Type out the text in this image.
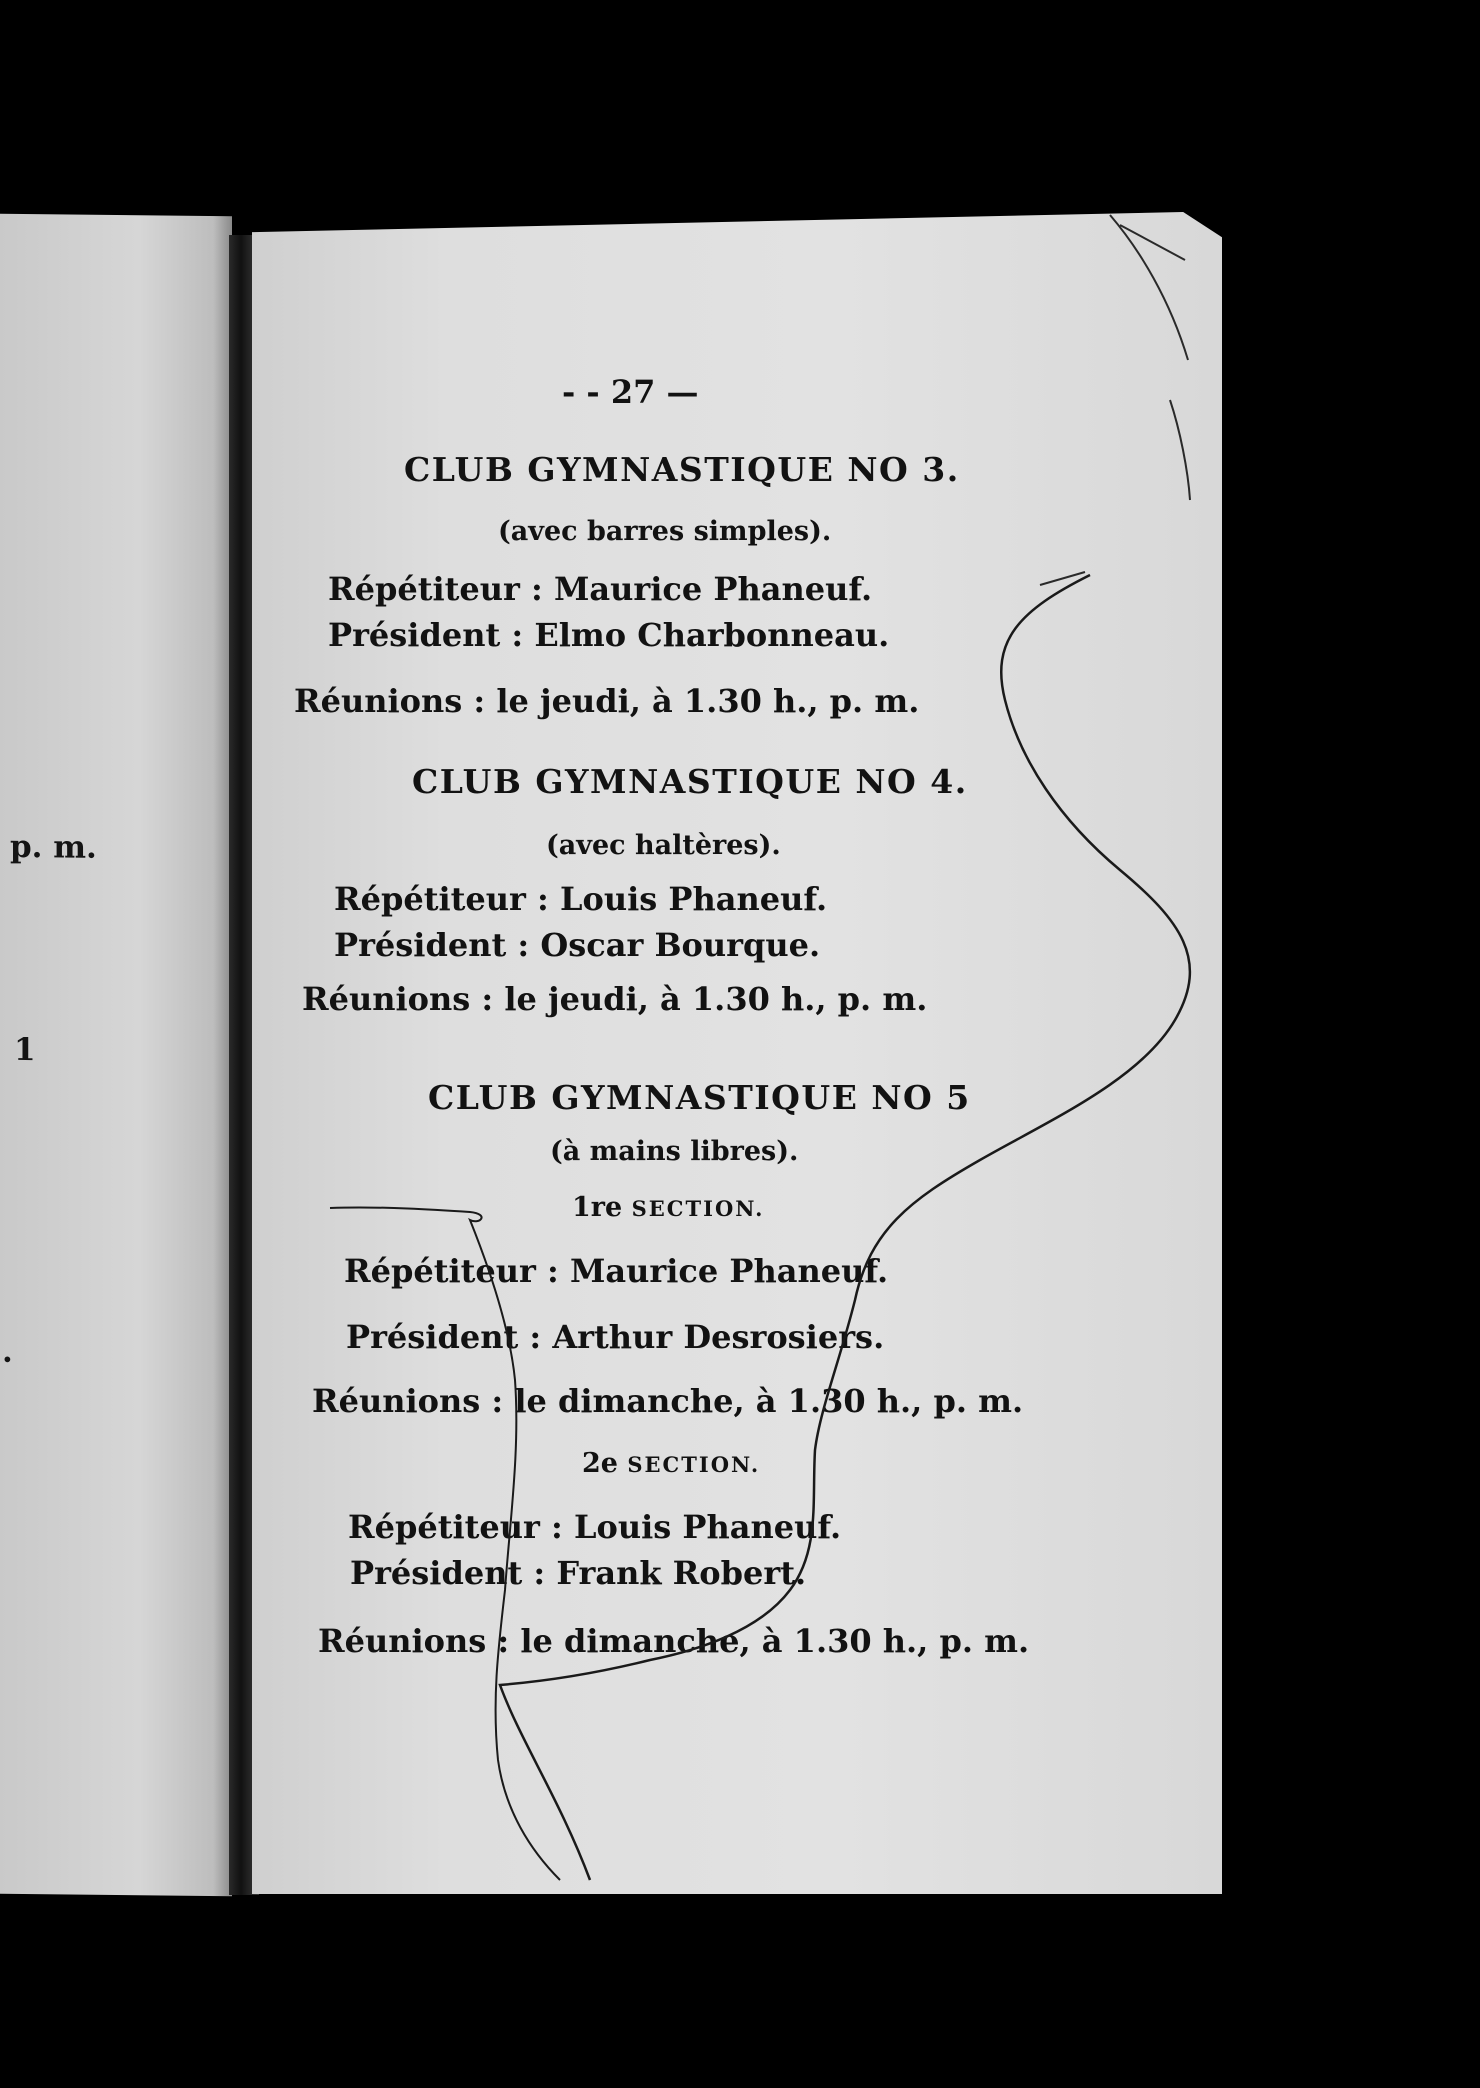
p. m.
1
.
- - 27 —
CLUB GYMNASTIQUE NO 3.
(avec barres simples).
Répétiteur : Maurice Phaneuf.
Président : Elmo Charbonneau.
Réunions : le jeudi, à 1.30 h., p. m.
CLUB GYMNASTIQUE NO 4.
(avec haltères).
Répétiteur : Louis Phaneuf.
Président : Oscar Bourque.
Réunions : le jeudi, à 1.30 h., p. m.
CLUB GYMNASTIQUE NO 5
(à mains libres).
1re SECTION.
Répétiteur : Maurice Phaneuf.
Président : Arthur Desrosiers.
Réunions : le dimanche, à 1.30 h., p. m.
2e SECTION.
Répétiteur : Louis Phaneuf.
Président : Frank Robert.
Réunions : le dimanche, à 1.30 h., p. m.
